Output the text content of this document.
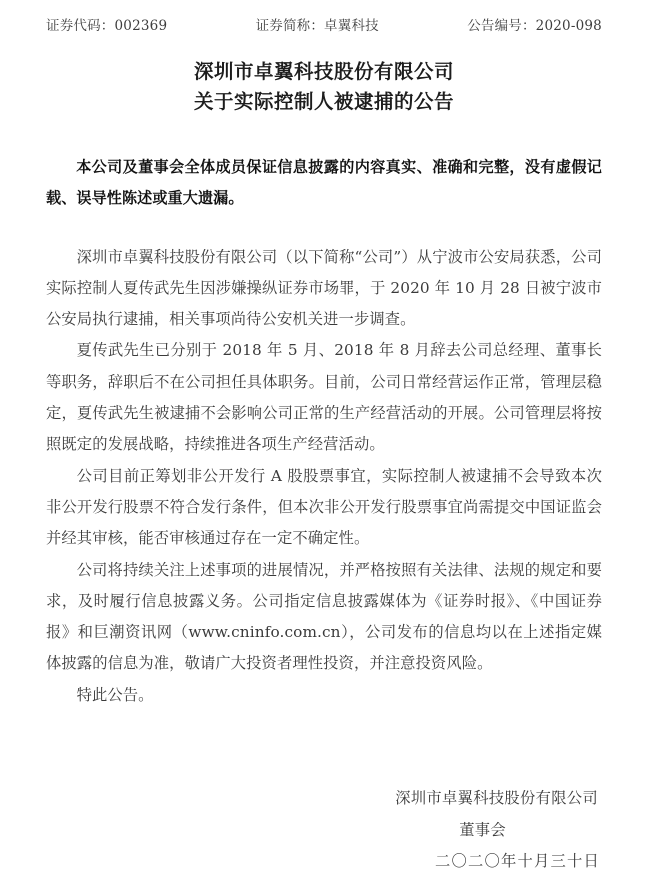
证券代码：002369	证券简称：卓翼科技	公告编号：2020-098
深圳市卓翼科技股份有限公司
关于实际控制人被逮捕的公告

本公司及董事会全体成员保证信息披露的内容真实、准确和完整，没有虚假记载、误导性陈述或重大遗漏。

深圳市卓翼科技股份有限公司（以下简称“公司”）从宁波市公安局获悉，公司实际控制人夏传武先生因涉嫌操纵证券市场罪，于 2020 年 10 月 28 日被宁波市公安局执行逮捕，相关事项尚待公安机关进一步调查。

夏传武先生已分别于 2018 年 5 月、2018 年 8 月辞去公司总经理、董事长等职务，辞职后不在公司担任具体职务。目前，公司日常经营运作正常，管理层稳定，夏传武先生被逮捕不会影响公司正常的生产经营活动的开展。公司管理层将按照既定的发展战略，持续推进各项生产经营活动。

公司目前正筹划非公开发行 A 股股票事宜，实际控制人被逮捕不会导致本次非公开发行股票不符合发行条件，但本次非公开发行股票事宜尚需提交中国证监会并经其审核，能否审核通过存在一定不确定性。

公司将持续关注上述事项的进展情况，并严格按照有关法律、法规的规定和要求，及时履行信息披露义务。公司指定信息披露媒体为《证券时报》、《中国证券报》和巨潮资讯网（www.cninfo.com.cn），公司发布的信息均以在上述指定媒体披露的信息为准，敬请广大投资者理性投资，并注意投资风险。

特此公告。

深圳市卓翼科技股份有限公司
董事会
二〇二〇年十月三十日
